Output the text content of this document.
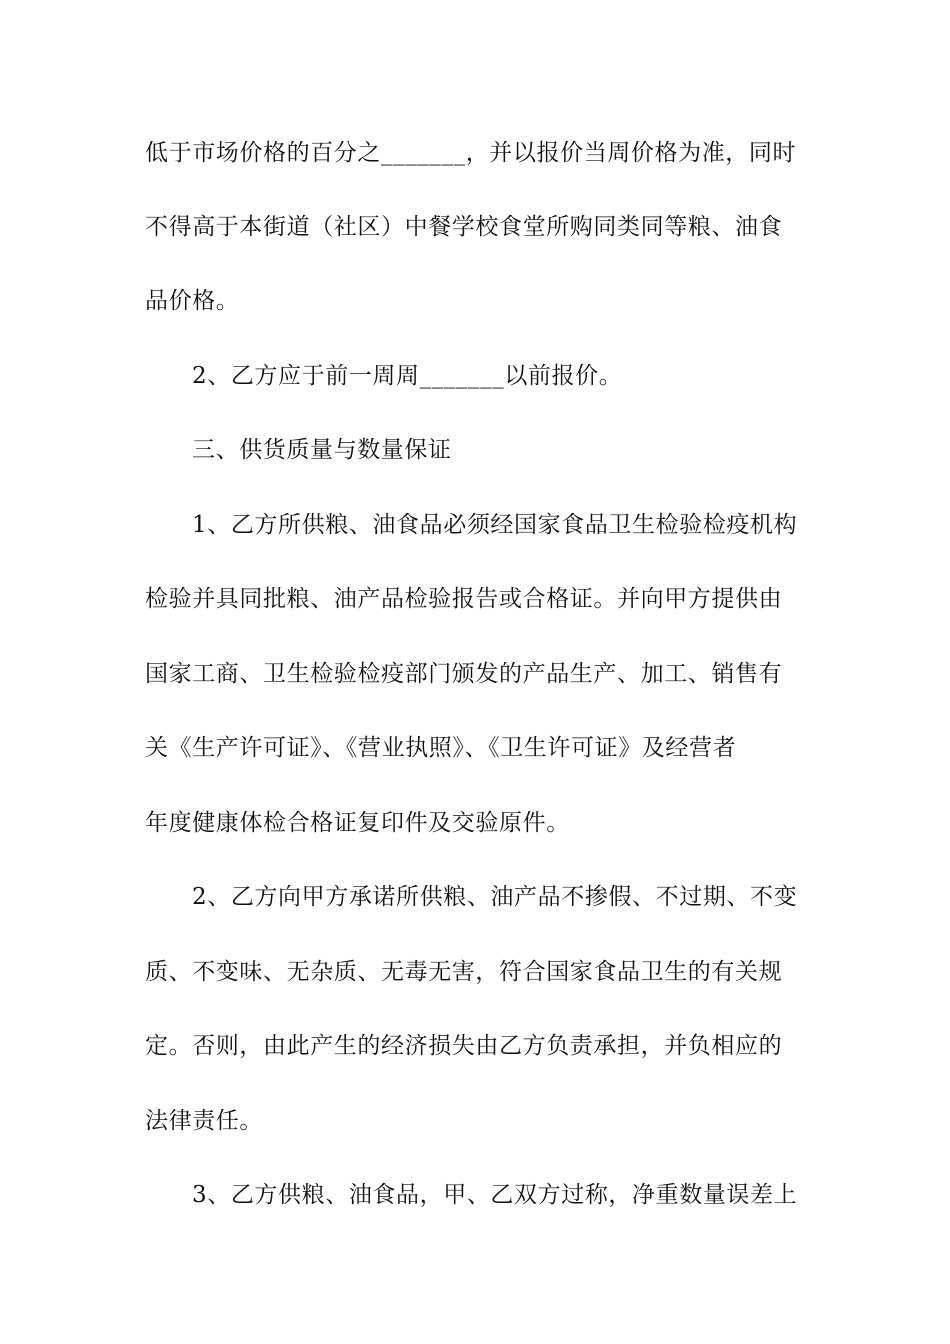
低于市场价格的百分之_______，并以报价当周价格为准，同时
不得高于本街道（社区）中餐学校食堂所购同类同等粮、油食
品价格。
2、乙方应于前一周周_______以前报价。
三、供货质量与数量保证
1、乙方所供粮、油食品必须经国家食品卫生检验检疫机构
检验并具同批粮、油产品检验报告或合格证。并向甲方提供由
国家工商、卫生检验检疫部门颁发的产品生产、加工、销售有
关《生产许可证》、《营业执照》、《卫生许可证》及经营者
年度健康体检合格证复印件及交验原件。
2、乙方向甲方承诺所供粮、油产品不掺假、不过期、不变
质、不变味、无杂质、无毒无害，符合国家食品卫生的有关规
定。否则，由此产生的经济损失由乙方负责承担，并负相应的
法律责任。
3、乙方供粮、油食品，甲、乙双方过称，净重数量误差上
